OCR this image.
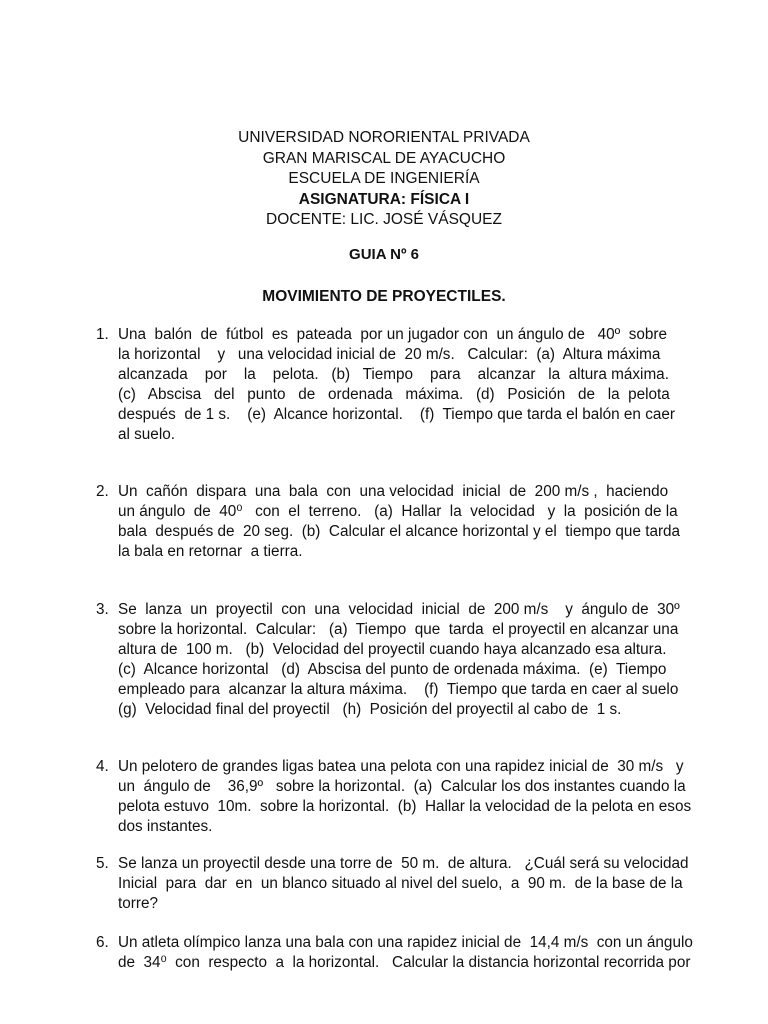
UNIVERSIDAD NORORIENTAL PRIVADA
GRAN MARISCAL DE AYACUCHO
ESCUELA DE INGENIERÍA
ASIGNATURA: FÍSICA I
DOCENTE: LIC. JOSÉ VÁSQUEZ
GUIA Nº 6
MOVIMIENTO DE PROYECTILES.
1. Una  balón  de  fútbol  es  pateada  por un jugador con  un ángulo de   40º  sobre
la horizontal    y   una velocidad inicial de  20 m/s.   Calcular:  (a)  Altura máxima
alcanzada    por    la    pelota.   (b)   Tiempo    para    alcanzar   la  altura máxima.
(c)   Abscisa   del   punto   de   ordenada   máxima.   (d)   Posición   de   la  pelota
después  de 1 s.    (e)  Alcance horizontal.    (f)  Tiempo que tarda el balón en caer
al suelo.
2. Un  cañón  dispara  una  bala  con  una velocidad  inicial  de  200 m/s ,  haciendo
un ángulo  de  40⁰   con  el  terreno.   (a)  Hallar  la  velocidad   y  la  posición de la
bala  después de  20 seg.  (b)  Calcular el alcance horizontal y el  tiempo que tarda
la bala en retornar  a tierra.
3. Se  lanza  un  proyectil  con  una  velocidad  inicial  de  200 m/s    y  ángulo de  30º
sobre la horizontal.  Calcular:   (a)  Tiempo  que  tarda  el proyectil en alcanzar una
altura de  100 m.   (b)  Velocidad del proyectil cuando haya alcanzado esa altura.
(c)  Alcance horizontal   (d)  Abscisa del punto de ordenada máxima.  (e)  Tiempo
empleado para  alcanzar la altura máxima.    (f)  Tiempo que tarda en caer al suelo
(g)  Velocidad final del proyectil   (h)  Posición del proyectil al cabo de  1 s.
4. Un pelotero de grandes ligas batea una pelota con una rapidez inicial de  30 m/s   y
un  ángulo de    36,9º   sobre la horizontal.  (a)  Calcular los dos instantes cuando la
pelota estuvo  10m.  sobre la horizontal.  (b)  Hallar la velocidad de la pelota en esos
dos instantes.
5. Se lanza un proyectil desde una torre de  50 m.  de altura.   ¿Cuál será su velocidad
Inicial  para  dar  en  un blanco situado al nivel del suelo,  a  90 m.  de la base de la
torre?
6. Un atleta olímpico lanza una bala con una rapidez inicial de  14,4 m/s  con un ángulo
de  34⁰  con  respecto  a  la horizontal.   Calcular la distancia horizontal recorrida por
